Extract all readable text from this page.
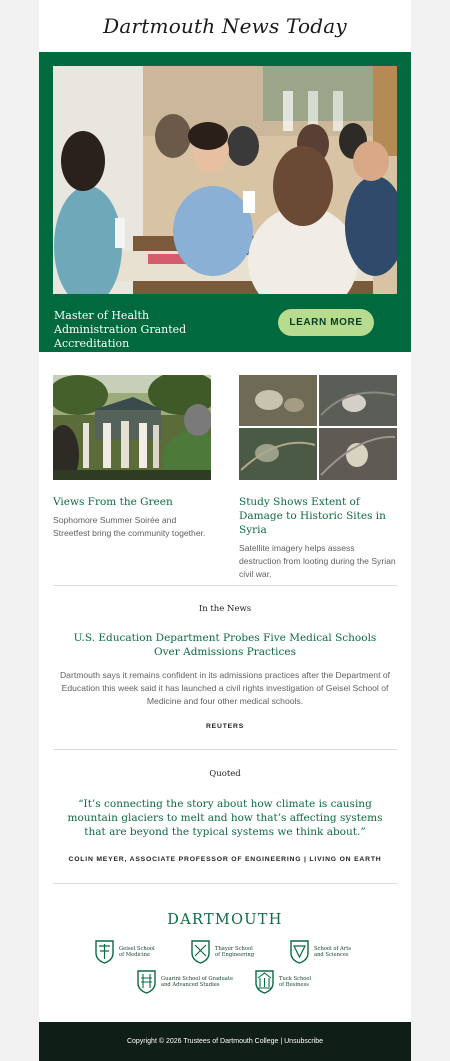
Dartmouth News Today
Master of Health Administration Granted Accreditation
LEARN MORE
Views From the Green
Sophomore Summer Soirée and Streetfest bring the community together.
Study Shows Extent of Damage to Historic Sites in Syria
Satellite imagery helps assess destruction from looting during the Syrian civil war.
In the News
U.S. Education Department Probes Five Medical Schools Over Admissions Practices
Dartmouth says it remains confident in its admissions practices after the Department of Education this week said it has launched a civil rights investigation of Geisel School of Medicine and four other medical schools.
REUTERS
Quoted
“It’s connecting the story about how climate is causing mountain glaciers to melt and how that’s affecting systems that are beyond the typical systems we think about.”
COLIN MEYER, ASSOCIATE PROFESSOR OF ENGINEERING | LIVING ON EARTH
DARTMOUTH
Geisel School
of Medicine
Thayer School
of Engineering
School of Arts
and Sciences
Guarini School of Graduate
and Advanced Studies
Tuck School
of Business
Copyright © 2026 Trustees of Dartmouth College | Unsubscribe
